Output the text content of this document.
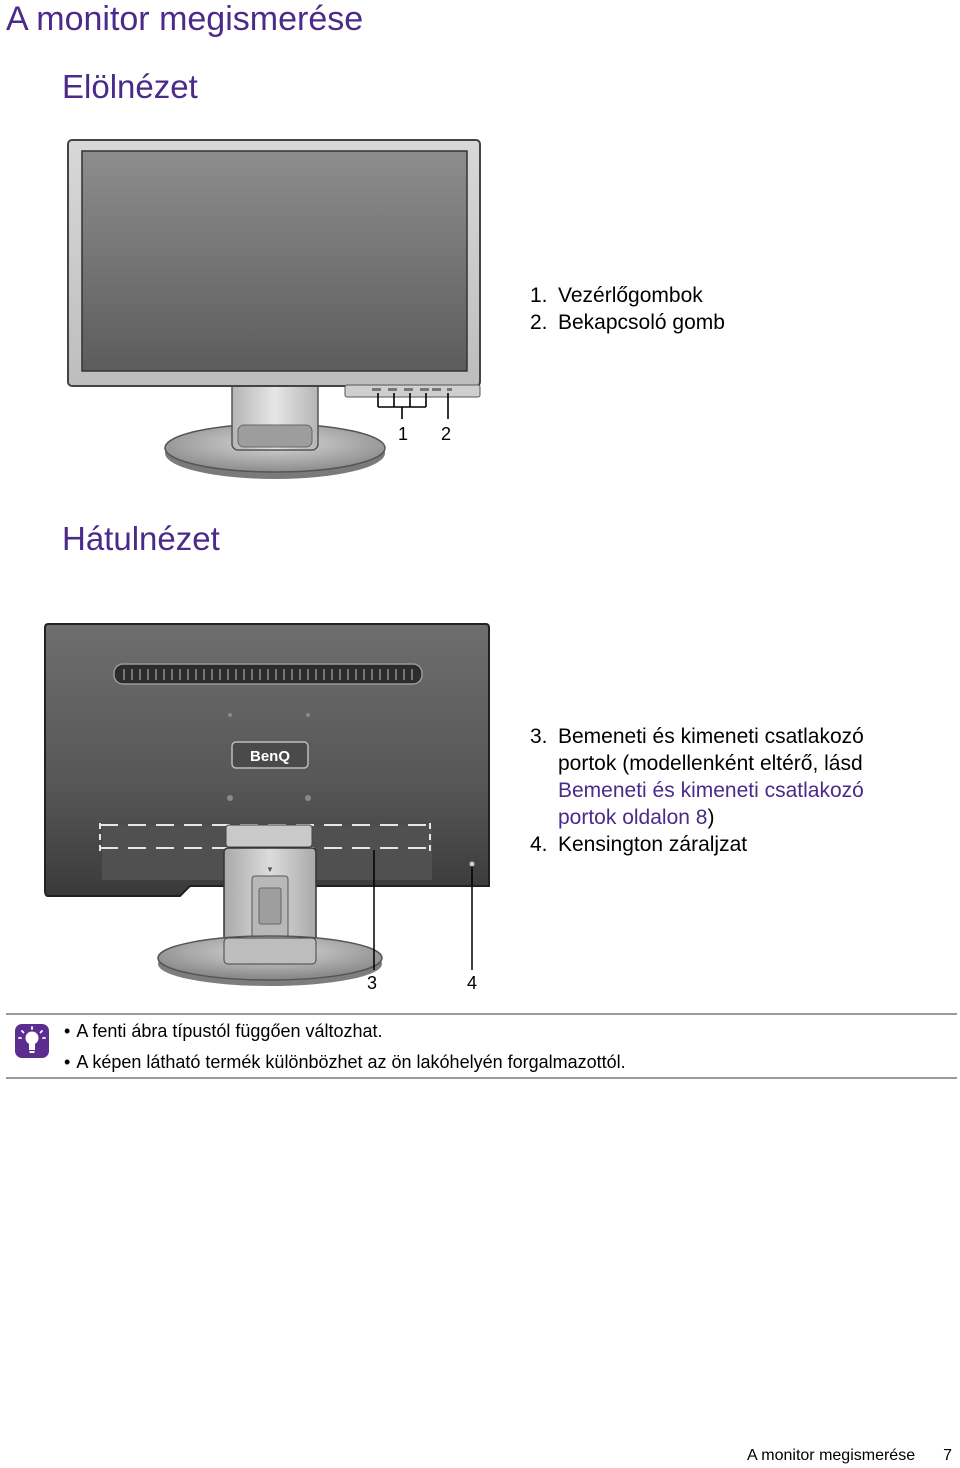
A monitor megismerése
Elölnézet
1 2
1. Vezérlőgombok
2. Bekapcsoló gomb
Hátulnézet
BenQ
▼
3	4
3. Bemeneti és kimeneti csatlakozó portok (modellenként eltérő, lásd Bemeneti és kimeneti csatlakozó portok oldalon 8)
4. Kensington záraljzat
• A fenti ábra típustól függően változhat.
• A képen látható termék különbözhet az ön lakóhelyén forgalmazottól.
A monitor megismerése 7
